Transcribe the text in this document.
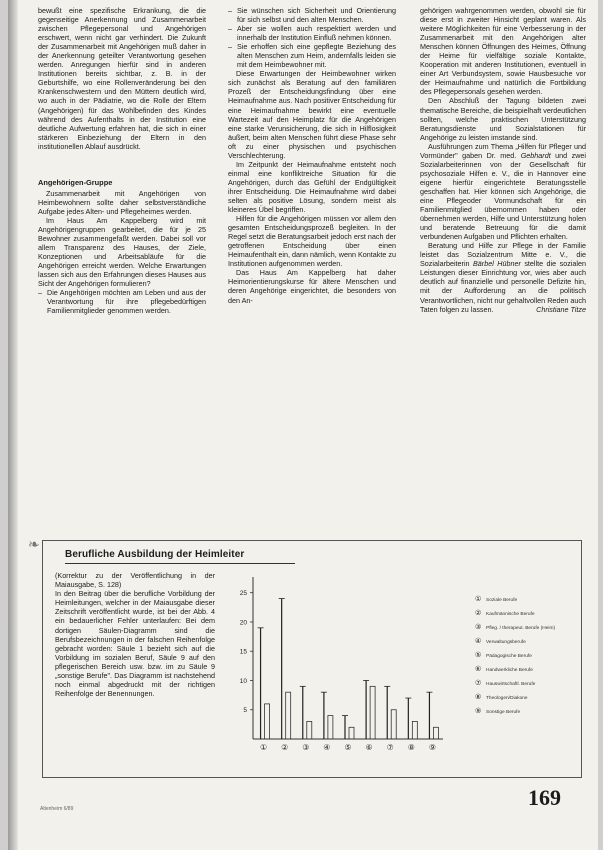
bewußt eine spezifische Erkrankung, die die gegenseitige Anerkennung und Zusammenarbeit zwischen Pflegepersonal und Angehörigen erschwert, wenn nicht gar verhindert. Die Zukunft der Zusammenarbeit mit Angehörigen muß daher in der Anerkennung geteilter Verantwortung gesehen werden. Anregungen hierfür sind in anderen Institutionen bereits sichtbar, z. B. in der Geburtshilfe, wo eine Rollenveränderung bei den Krankenschwestern und den Müttern deutlich wird, wo auch in der Pädiatrie, wo die Rolle der Eltern (Angehörigen) für das Wohlbefinden des Kindes während des Aufenthalts in der Institution eine deutliche Aufwertung erfahren hat, die sich in einer stärkeren Einbeziehung der Eltern in den institutionellen Ablauf ausdrückt.

Angehörigen-Gruppe

Zusammenarbeit mit Angehörigen von Heimbewohnern sollte daher selbstverständliche Aufgabe jedes Alten- und Pflegeheimes werden.

Im Haus Am Kappelberg wird mit Angehörigengruppen gearbeitet, die für je 25 Bewohner zusammengefaßt werden. Dabei soll vor allem Transparenz des Hauses, der Ziele, Konzeptionen und Arbeitsabläufe für die Angehörigen erreicht werden. Welche Erwartungen lassen sich aus den Erfahrungen dieses Hauses aus Sicht der Angehörigen formulieren?

– Die Angehörigen möchten am Leben und aus der Verantwortung für ihre pflegebedürftigen Familienmitglieder genommen werden.
– Sie wünschen sich Sicherheit und Orientierung für sich selbst und den alten Menschen.
– Aber sie wollen auch respektiert werden und innerhalb der Institution Einfluß nehmen können.
– Sie erhoffen sich eine gepflegte Beziehung des alten Menschen zum Heim, andernfalls leiden sie mit dem Heimbewohner mit.

Diese Erwartungen der Heimbewohner wirken sich zunächst als Beratung auf den familiären Prozeß der Entscheidungsfindung über eine Heimaufnahme aus. Nach positiver Entscheidung für eine Heimaufnahme bewirkt eine eventuelle Wartezeit auf den Heimplatz für die Angehörigen eine starke Verunsicherung, die sich in Hilflosigkeit äußert, beim alten Menschen führt diese Phase sehr oft zu einer physischen und psychischen Verschlechterung.

Im Zeitpunkt der Heimaufnahme entsteht noch einmal eine konfliktreiche Situation für die Angehörigen, durch das Gefühl der Endgültigkeit ihrer Entscheidung. Die Heimaufnahme wird dabei selten als positive Lösung, sondern meist als kleineres Übel begriffen.

Hilfen für die Angehörigen müssen vor allem den gesamten Entscheidungsprozeß begleiten. In der Regel setzt die Beratungsarbeit jedoch erst nach der getroffenen Entscheidung über einen Heimaufenthalt ein, dann nämlich, wenn Kontakte zu Institutionen aufgenommen werden.

Das Haus Am Kappelberg hat daher Heimorientierungskurse für ältere Menschen und deren Angehörige eingerichtet, die besonders von den An-

gehörigen wahrgenommen werden, obwohl sie für diese erst in zweiter Hinsicht geplant waren. Als weitere Möglichkeiten für eine Verbesserung in der Zusammenarbeit mit den Angehörigen alter Menschen können Öffnungen des Heimes, Öffnung der Heime für vielfältige soziale Kontakte, Kooperation mit anderen Institutionen, eventuell in einer Art Verbundsystem, sowie Hausbesuche vor der Heimaufnahme und natürlich die Fortbildung des Pflegepersonals gesehen werden.

Den Abschluß der Tagung bildeten zwei thematische Bereiche, die beispielhaft verdeutlichen sollten, welche praktischen Unterstützung Beratungsdienste und Sozialstationen für Angehörige zu leisten imstande sind.

Ausführungen zum Thema „Hilfen für Pfleger und Vormünder" gaben Dr. med. Gebhardt und zwei Sozialarbeiterinnen von der Gesellschaft für psychosoziale Hilfen e. V., die in Hannover eine eigene hierfür eingerichtete Beratungsstelle geschaffen hat. Hier können sich Angehörige, die eine Pflegeoder Vormundschaft für ein Familienmitglied übernommen haben oder übernehmen werden, Hilfe und Unterstützung holen und beratende Betreuung für die damit verbundenen Aufgaben und Pflichten erhalten.

Beratung und Hilfe zur Pflege in der Familie leistet das Sozialzentrum Mitte e. V., die Sozialarbeiterin Bärbel Hübner stellte die sozialen Leistungen dieser Einrichtung vor, wies aber auch deutlich auf finanzielle und personelle Defizite hin, mit der Aufforderung an die politisch Verantwortlichen, nicht nur gehaltvollen Reden auch Taten folgen zu lassen.	Christiane Titze

❧
Berufliche Ausbildung der Heimleiter

(Korrektur zu der Veröffentlichung in der Maiausgabe, S. 128)

In den Beitrag über die berufliche Vorbildung der Heimleitungen, welcher in der Maiausgabe dieser Zeitschrift veröffentlicht wurde, ist bei der Abb. 4 ein bedauerlicher Fehler unterlaufen: Bei dem dortigen Säulen-Diagramm sind die Berufsbezeichnungen in der falschen Reihenfolge gebracht worden: Säule 1 bezieht sich auf die Vorbildung im sozialen Beruf, Säule 9 auf den pflegerischen Bereich usw. bzw. im zu Säule 9 „sonstige Berufe". Das Diagramm ist nachstehend noch einmal abgedruckt mit der richtigen Reihenfolge der Benennungen.

25
20
15
10
5
① ② ③ ④ ⑤ ⑥ ⑦ ⑧ ⑨
① Soziale Berufe
② Kaufmännische Berufe
③ Pfleg. / therapeut. Berufe (Heim)
④ Verwaltungsberufe
⑤ Pädagogische Berufe
⑥ Handwerkliche Berufe
⑦ Hauswirtschaftl. Berufe
⑧ Theologen/Diakone
⑨ Sonstige Berufe
Altenheim 6/89	169
